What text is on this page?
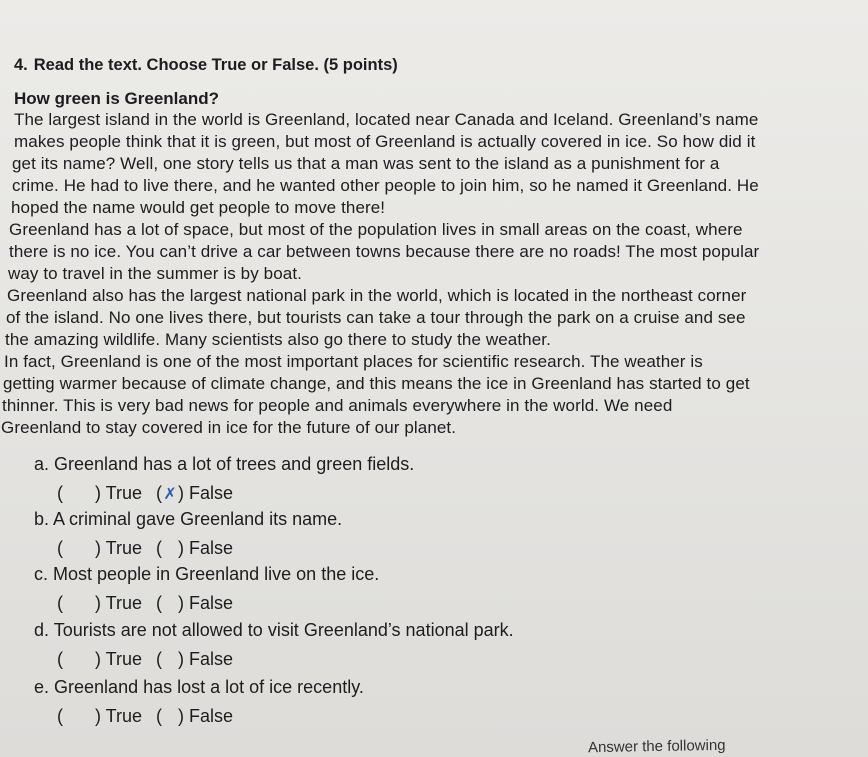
4. Read the text. Choose True or False. (5 points)
How green is Greenland?
The largest island in the world is Greenland, located near Canada and Iceland. Greenland’s name
makes people think that it is green, but most of Greenland is actually covered in ice. So how did it
get its name? Well, one story tells us that a man was sent to the island as a punishment for a
crime. He had to live there, and he wanted other people to join him, so he named it Greenland. He
hoped the name would get people to move there!
Greenland has a lot of space, but most of the population lives in small areas on the coast, where
there is no ice. You can’t drive a car between towns because there are no roads! The most popular
way to travel in the summer is by boat.
Greenland also has the largest national park in the world, which is located in the northeast corner
of the island. No one lives there, but tourists can take a tour through the park on a cruise and see
the amazing wildlife. Many scientists also go there to study the weather.
In fact, Greenland is one of the most important places for scientific research. The weather is
getting warmer because of climate change, and this means the ice in Greenland has started to get
thinner. This is very bad news for people and animals everywhere in the world. We need
Greenland to stay covered in ice for the future of our planet.
a. Greenland has a lot of trees and green fields.
(	) True ( ✗ ) False
b. A criminal gave Greenland its name.
(	) True ( ) False
c. Most people in Greenland live on the ice.
(	) True ( ) False
d. Tourists are not allowed to visit Greenland’s national park.
(	) True ( ) False
e. Greenland has lost a lot of ice recently.
(	) True ( ) False
Answer the following
